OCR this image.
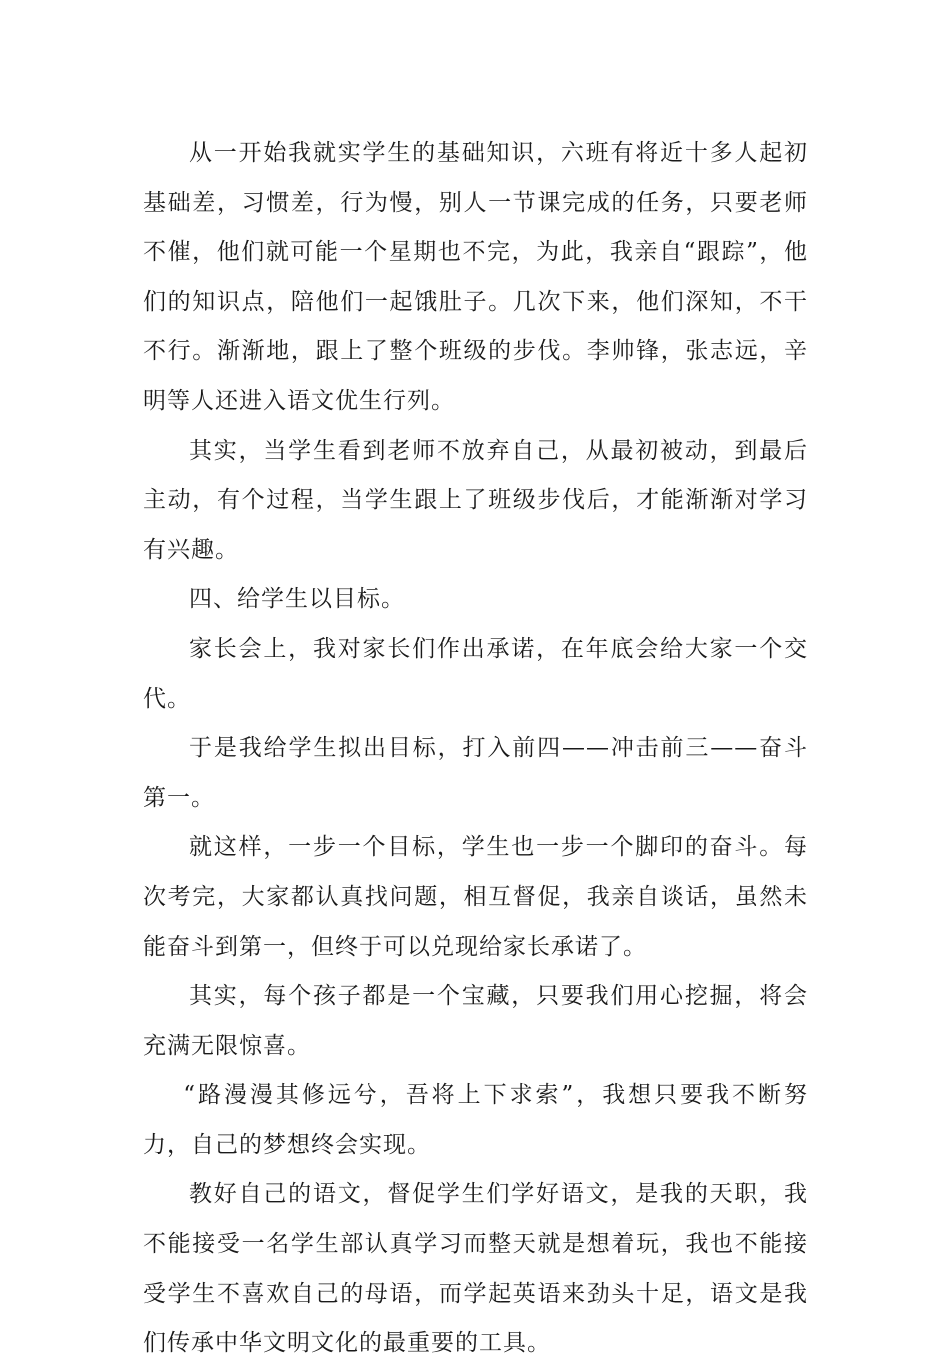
从一开始我就实学生的基础知识，六班有将近十多人起初基础差，习惯差，行为慢，别人一节课完成的任务，只要老师不催，他们就可能一个星期也不完，为此，我亲自“跟踪”，他们的知识点，陪他们一起饿肚子。几次下来，他们深知，不干不行。渐渐地，跟上了整个班级的步伐。李帅锋，张志远，辛明等人还进入语文优生行列。

其实，当学生看到老师不放弃自己，从最初被动，到最后主动，有个过程，当学生跟上了班级步伐后，才能渐渐对学习有兴趣。

四、给学生以目标。

家长会上，我对家长们作出承诺，在年底会给大家一个交代。

于是我给学生拟出目标，打入前四——冲击前三——奋斗第一。

就这样，一步一个目标，学生也一步一个脚印的奋斗。每次考完，大家都认真找问题，相互督促，我亲自谈话，虽然未能奋斗到第一，但终于可以兑现给家长承诺了。

其实，每个孩子都是一个宝藏，只要我们用心挖掘，将会充满无限惊喜。

“路漫漫其修远兮，吾将上下求索”，我想只要我不断努力，自己的梦想终会实现。

教好自己的语文，督促学生们学好语文，是我的天职，我不能接受一名学生部认真学习而整天就是想着玩，我也不能接受学生不喜欢自己的母语，而学起英语来劲头十足，语文是我们传承中华文明文化的最重要的工具。
